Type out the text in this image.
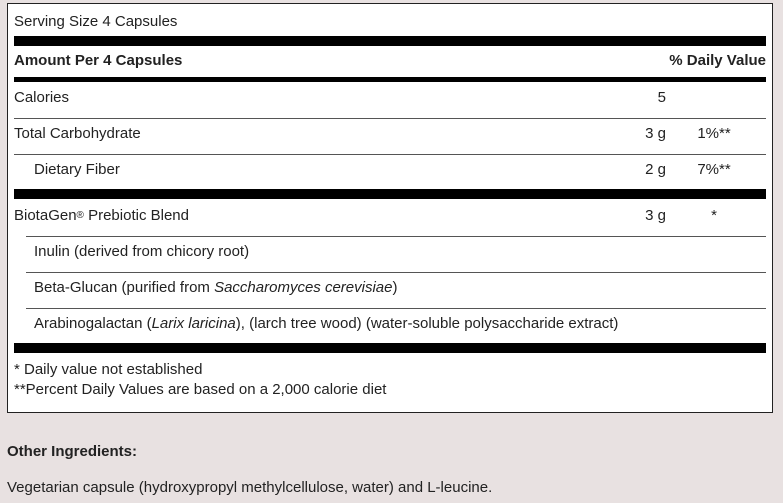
Serving Size 4 Capsules
Amount Per 4 Capsules	% Daily Value
Calories	5
Total Carbohydrate	3 g	1%**
Dietary Fiber	2 g	7%**
BiotaGen® Prebiotic Blend	3 g	*
Inulin (derived from chicory root)
Beta-Glucan (purified from Saccharomyces cerevisiae)
Arabinogalactan (Larix laricina), (larch tree wood) (water-soluble polysaccharide extract)
* Daily value not established
**Percent Daily Values are based on a 2,000 calorie diet
Other Ingredients:
Vegetarian capsule (hydroxypropyl methylcellulose, water) and L-leucine.
